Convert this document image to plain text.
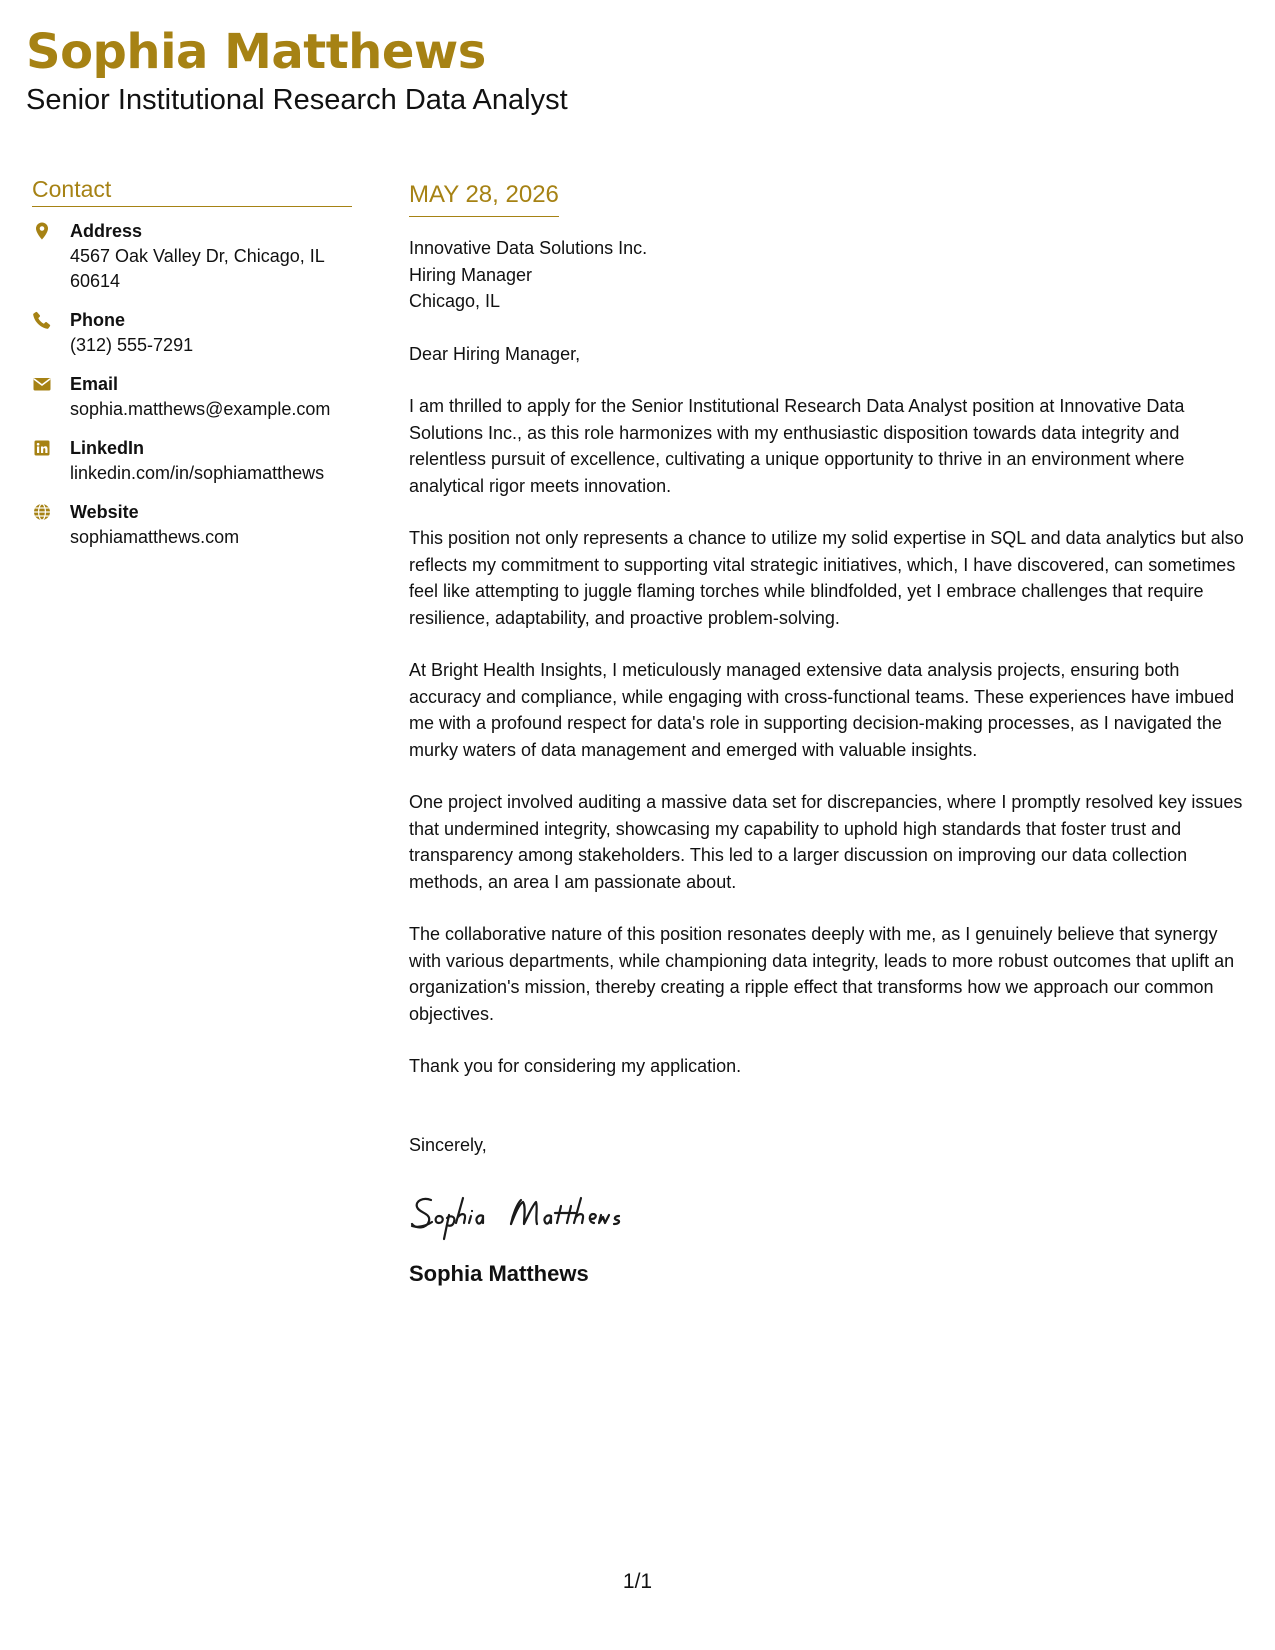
Sophia Matthews
Senior Institutional Research Data Analyst
Contact
Address
4567 Oak Valley Dr, Chicago, IL
60614
Phone
(312) 555-7291
Email
sophia.matthews@example.com
LinkedIn
linkedin.com/in/sophiamatthews
Website
sophiamatthews.com
MAY 28, 2026
Innovative Data Solutions Inc.
Hiring Manager
Chicago, IL
Dear Hiring Manager,
I am thrilled to apply for the Senior Institutional Research Data Analyst position at Innovative Data Solutions Inc., as this role harmonizes with my enthusiastic disposition towards data integrity and relentless pursuit of excellence, cultivating a unique opportunity to thrive in an environment where analytical rigor meets innovation.
This position not only represents a chance to utilize my solid expertise in SQL and data analytics but also reflects my commitment to supporting vital strategic initiatives, which, I have discovered, can sometimes feel like attempting to juggle flaming torches while blindfolded, yet I embrace challenges that require resilience, adaptability, and proactive problem-solving.
At Bright Health Insights, I meticulously managed extensive data analysis projects, ensuring both accuracy and compliance, while engaging with cross-functional teams. These experiences have imbued me with a profound respect for data's role in supporting decision-making processes, as I navigated the murky waters of data management and emerged with valuable insights.
One project involved auditing a massive data set for discrepancies, where I promptly resolved key issues that undermined integrity, showcasing my capability to uphold high standards that foster trust and transparency among stakeholders. This led to a larger discussion on improving our data collection methods, an area I am passionate about.
The collaborative nature of this position resonates deeply with me, as I genuinely believe that synergy with various departments, while championing data integrity, leads to more robust outcomes that uplift an organization's mission, thereby creating a ripple effect that transforms how we approach our common objectives.
Thank you for considering my application.
Sincerely,
Sophia Matthews
1/1
